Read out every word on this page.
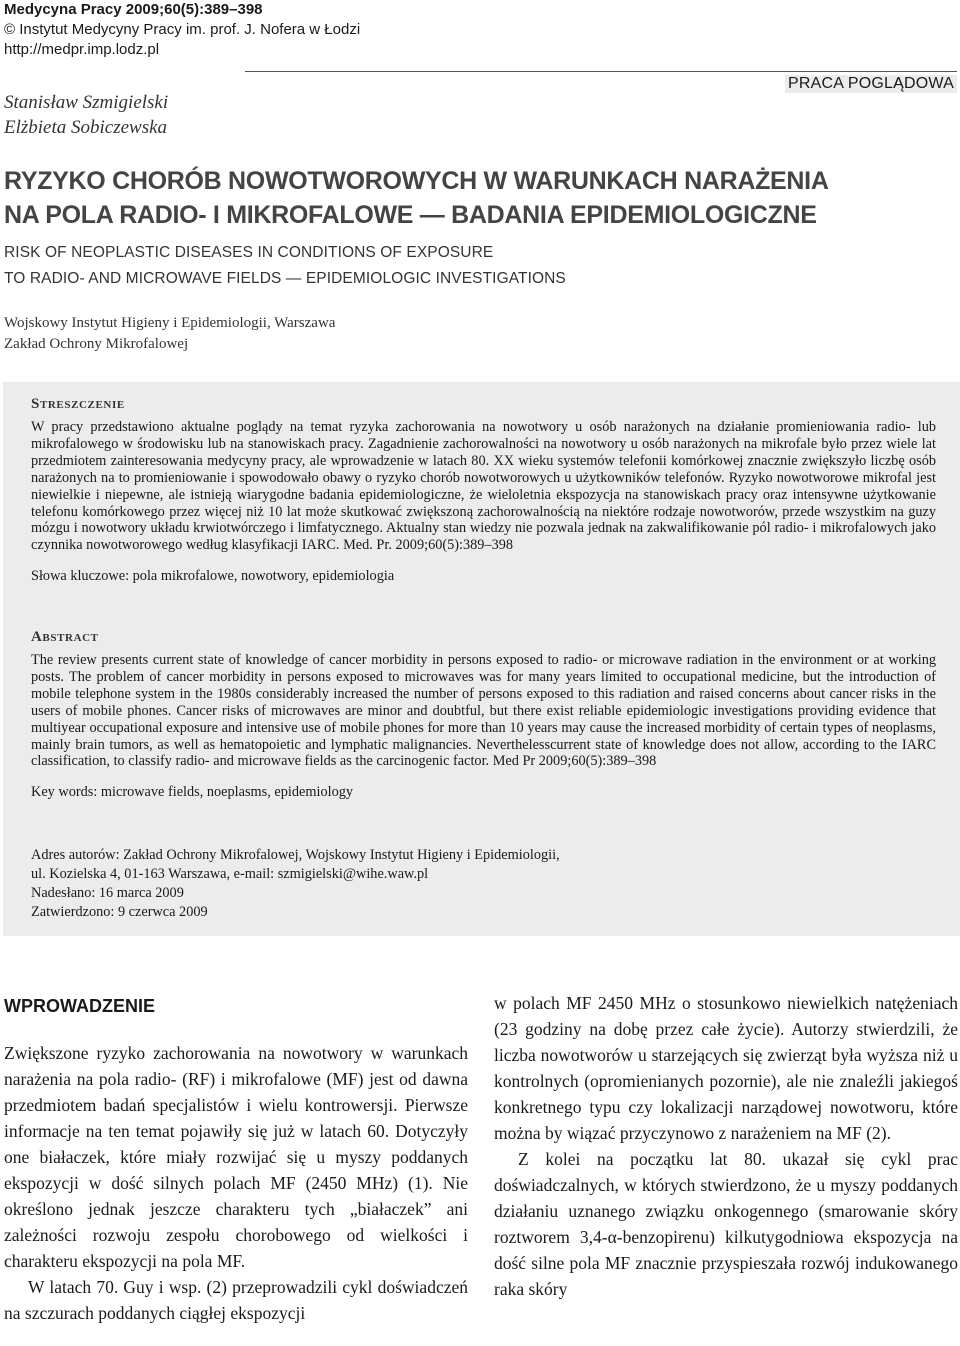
Medycyna Pracy 2009;60(5):389–398
© Instytut Medycyny Pracy im. prof. J. Nofera w Łodzi
http://medpr.imp.lodz.pl
Stanisław Szmigielski
Elżbieta Sobiczewska
PRACA POGLĄDOWA
RYZYKO CHORÓB NOWOTWOROWYCH W WARUNKACH NARAŻENIA
NA POLA RADIO- I MIKROFALOWE — BADANIA EPIDEMIOLOGICZNE
RISK OF NEOPLASTIC DISEASES IN CONDITIONS OF EXPOSURE
TO RADIO- AND MICROWAVE FIELDS — EPIDEMIOLOGIC INVESTIGATIONS
Wojskowy Instytut Higieny i Epidemiologii, Warszawa
Zakład Ochrony Mikrofalowej
Streszczenie
W pracy przedstawiono aktualne poglądy na temat ryzyka zachorowania na nowotwory u osób narażonych na działanie promieniowania radio- lub mikrofalowego w środowisku lub na stanowiskach pracy. Zagadnienie zachorowalności na nowotwory u osób narażonych na mikrofale było przez wiele lat przedmiotem zainteresowania medycyny pracy, ale wprowadzenie w latach 80. XX wieku systemów telefonii komórkowej znacznie zwiększyło liczbę osób narażonych na to promieniowanie i spowodowało obawy o ryzyko chorób nowotworowych u użytkowników telefonów. Ryzyko nowotworowe mikrofal jest niewielkie i niepewne, ale istnieją wiarygodne badania epidemiologiczne, że wieloletnia ekspozycja na stanowiskach pracy oraz intensywne użytkowanie telefonu komórkowego przez więcej niż 10 lat może skutkować zwiększoną zachorowalnością na niektóre rodzaje nowotworów, przede wszystkim na guzy mózgu i nowotwory układu krwiotwórczego i limfatycznego. Aktualny stan wiedzy nie pozwala jednak na zakwalifikowanie pól radio- i mikrofalowych jako czynnika nowotworowego według klasyfikacji IARC. Med. Pr. 2009;60(5):389–398
Słowa kluczowe: pola mikrofalowe, nowotwory, epidemiologia
Abstract
The review presents current state of knowledge of cancer morbidity in persons exposed to radio- or microwave radiation in the environment or at working posts. The problem of cancer morbidity in persons exposed to microwaves was for many years limited to occupational medicine, but the introduction of mobile telephone system in the 1980s considerably increased the number of persons exposed to this radiation and raised concerns about cancer risks in the users of mobile phones. Cancer risks of microwaves are minor and doubtful, but there exist reliable epidemiologic investigations providing evidence that multiyear occupational exposure and intensive use of mobile phones for more than 10 years may cause the increased morbidity of certain types of neoplasms, mainly brain tumors, as well as hematopoietic and lymphatic malignancies. Neverthelesscurrent state of knowledge does not allow, according to the IARC classification, to classify radio- and microwave fields as the carcinogenic factor. Med Pr 2009;60(5):389–398
Key words: microwave fields, noeplasms, epidemiology
Adres autorów: Zakład Ochrony Mikrofalowej, Wojskowy Instytut Higieny i Epidemiologii,
ul. Kozielska 4, 01-163 Warszawa, e-mail: szmigielski@wihe.waw.pl
Nadesłano: 16 marca 2009
Zatwierdzono: 9 czerwca 2009
WPROWADZENIE

Zwiększone ryzyko zachorowania na nowotwory w warunkach narażenia na pola radio- (RF) i mikrofalowe (MF) jest od dawna przedmiotem badań specjalistów i wielu kontrowersji. Pierwsze informacje na ten temat pojawiły się już w latach 60. Dotyczyły one białaczek, które miały rozwijać się u myszy poddanych ekspozycji w dość silnych polach MF (2450 MHz) (1). Nie określono jednak jeszcze charakteru tych „białaczek” ani zależności rozwoju zespołu chorobowego od wielkości i charakteru ekspozycji na pola MF.

W latach 70. Guy i wsp. (2) przeprowadzili cykl doświadczeń na szczurach poddanych ciągłej ekspozycji

w polach MF 2450 MHz o stosunkowo niewielkich natężeniach (23 godziny na dobę przez całe życie). Autorzy stwierdzili, że liczba nowotworów u starzejących się zwierząt była wyższa niż u kontrolnych (opromienianych pozornie), ale nie znaleźli jakiegoś konkretnego typu czy lokalizacji narządowej nowotworu, które można by wiązać przyczynowo z narażeniem na MF (2).

Z kolei na początku lat 80. ukazał się cykl prac doświadczalnych, w których stwierdzono, że u myszy poddanych działaniu uznanego związku onkogennego (smarowanie skóry roztworem 3,4-α-benzopirenu) kilkutygodniowa ekspozycja na dość silne pola MF znacznie przyspieszała rozwój indukowanego raka skóry
